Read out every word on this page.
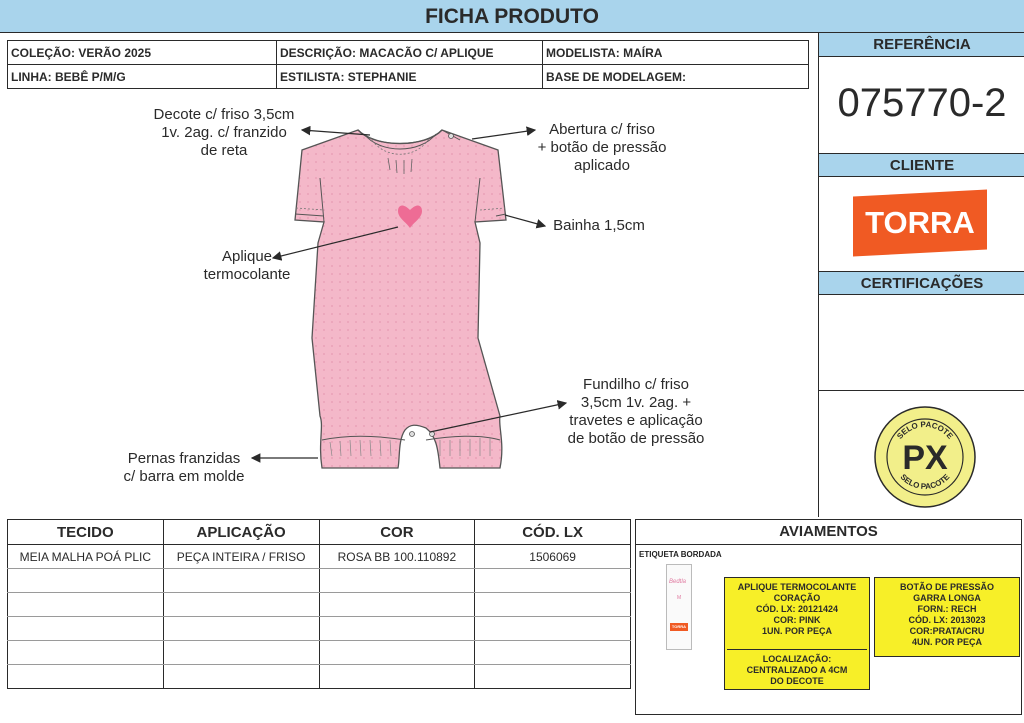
FICHA PRODUTO
COLEÇÃO: VERÃO 2025	DESCRIÇÃO: MACACÃO C/ APLIQUE	MODELISTA: MAÍRA
LINHA: BEBÊ P/M/G	ESTILISTA: STEPHANIE	BASE DE MODELAGEM:
Decote c/ friso 3,5cm
1v. 2ag. c/ franzido
de reta
Abertura c/ friso
+ botão de pressão
aplicado
Bainha 1,5cm
Aplique
termocolante
Fundilho c/ friso
3,5cm 1v. 2ag. +
travetes e aplicação
de botão de pressão
Pernas franzidas
c/ barra em molde
REFERÊNCIA
075770-2
CLIENTE
TORRA
CERTIFICAÇÕES
SELO PACOTE
SELO PACOTE
PX
TECIDO	APLICAÇÃO	COR	CÓD. LX
MEIA MALHA POÁ PLIC	PEÇA INTEIRA / FRISO	ROSA BB 100.110892	1506069

AVIAMENTOS
ETIQUETA BORDADA
Bedtla
M
TORRA
APLIQUE TERMOCOLANTE
CORAÇÃO
CÓD. LX: 20121424
COR: PINK
1UN. POR PEÇA
LOCALIZAÇÃO:
CENTRALIZADO A 4CM
DO DECOTE
BOTÃO DE PRESSÃO
GARRA LONGA
FORN.: RECH
CÓD. LX: 2013023
COR:PRATA/CRU
4UN. POR PEÇA
